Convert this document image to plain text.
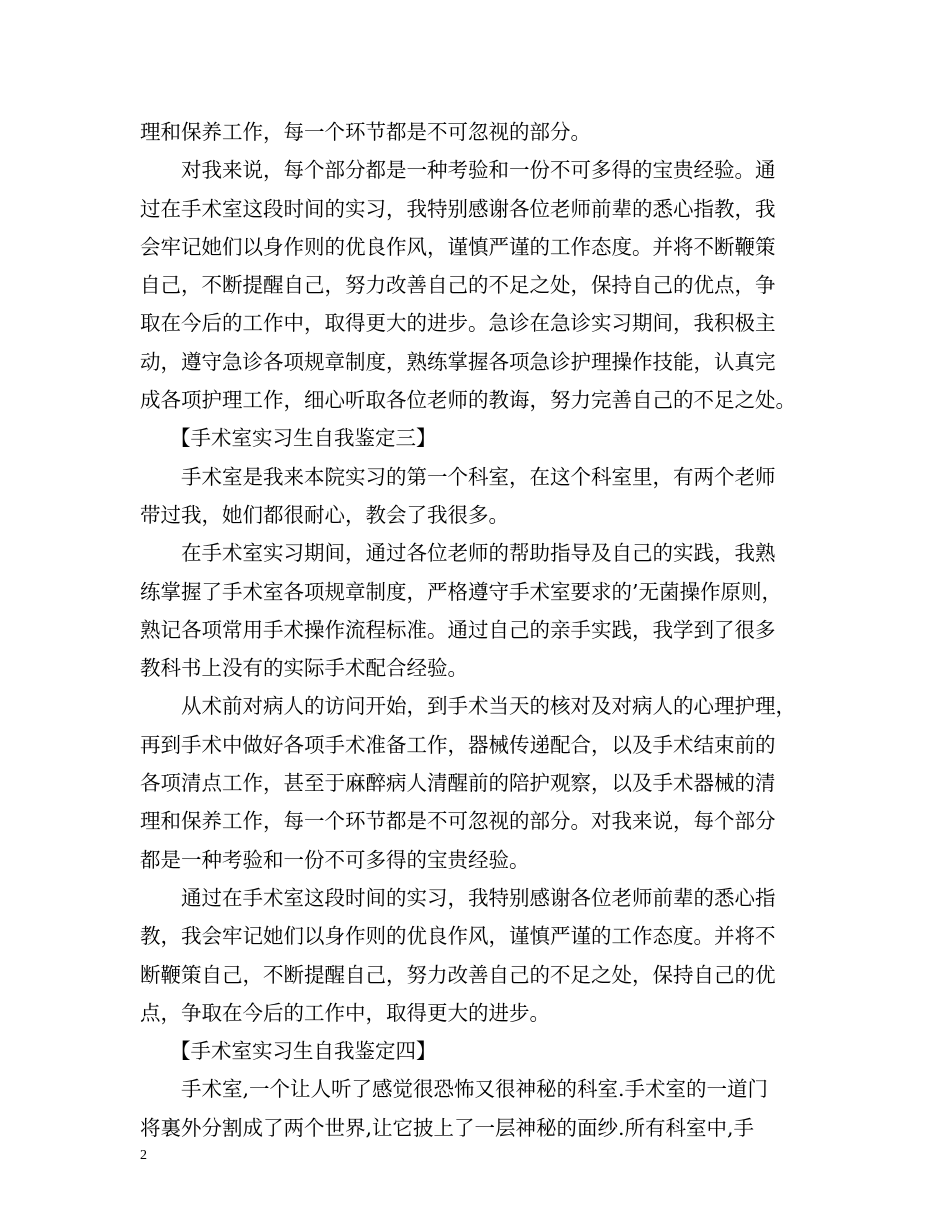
理和保养工作，每一个环节都是不可忽视的部分。
对我来说，每个部分都是一种考验和一份不可多得的宝贵经验。通
过在手术室这段时间的实习，我特别感谢各位老师前辈的悉心指教，我
会牢记她们以身作则的优良作风，谨慎严谨的工作态度。并将不断鞭策
自己，不断提醒自己，努力改善自己的不足之处，保持自己的优点，争
取在今后的工作中，取得更大的进步。急诊在急诊实习期间，我积极主
动，遵守急诊各项规章制度，熟练掌握各项急诊护理操作技能，认真完
成各项护理工作，细心听取各位老师的教诲，努力完善自己的不足之处。
【手术室实习生自我鉴定三】
手术室是我来本院实习的第一个科室，在这个科室里，有两个老师
带过我，她们都很耐心，教会了我很多。
在手术室实习期间，通过各位老师的帮助指导及自己的实践，我熟
练掌握了手术室各项规章制度，严格遵守手术室要求的’无菌操作原则，
熟记各项常用手术操作流程标准。通过自己的亲手实践，我学到了很多
教科书上没有的实际手术配合经验。
从术前对病人的访问开始，到手术当天的核对及对病人的心理护理，
再到手术中做好各项手术准备工作，器械传递配合，以及手术结束前的
各项清点工作，甚至于麻醉病人清醒前的陪护观察，以及手术器械的清
理和保养工作，每一个环节都是不可忽视的部分。对我来说，每个部分
都是一种考验和一份不可多得的宝贵经验。
通过在手术室这段时间的实习，我特别感谢各位老师前辈的悉心指
教，我会牢记她们以身作则的优良作风，谨慎严谨的工作态度。并将不
断鞭策自己，不断提醒自己，努力改善自己的不足之处，保持自己的优
点，争取在今后的工作中，取得更大的进步。
【手术室实习生自我鉴定四】
手术室,一个让人听了感觉很恐怖又很神秘的科室.手术室的一道门
将裏外分割成了两个世界,让它披上了一层神秘的面纱.所有科室中,手
2
